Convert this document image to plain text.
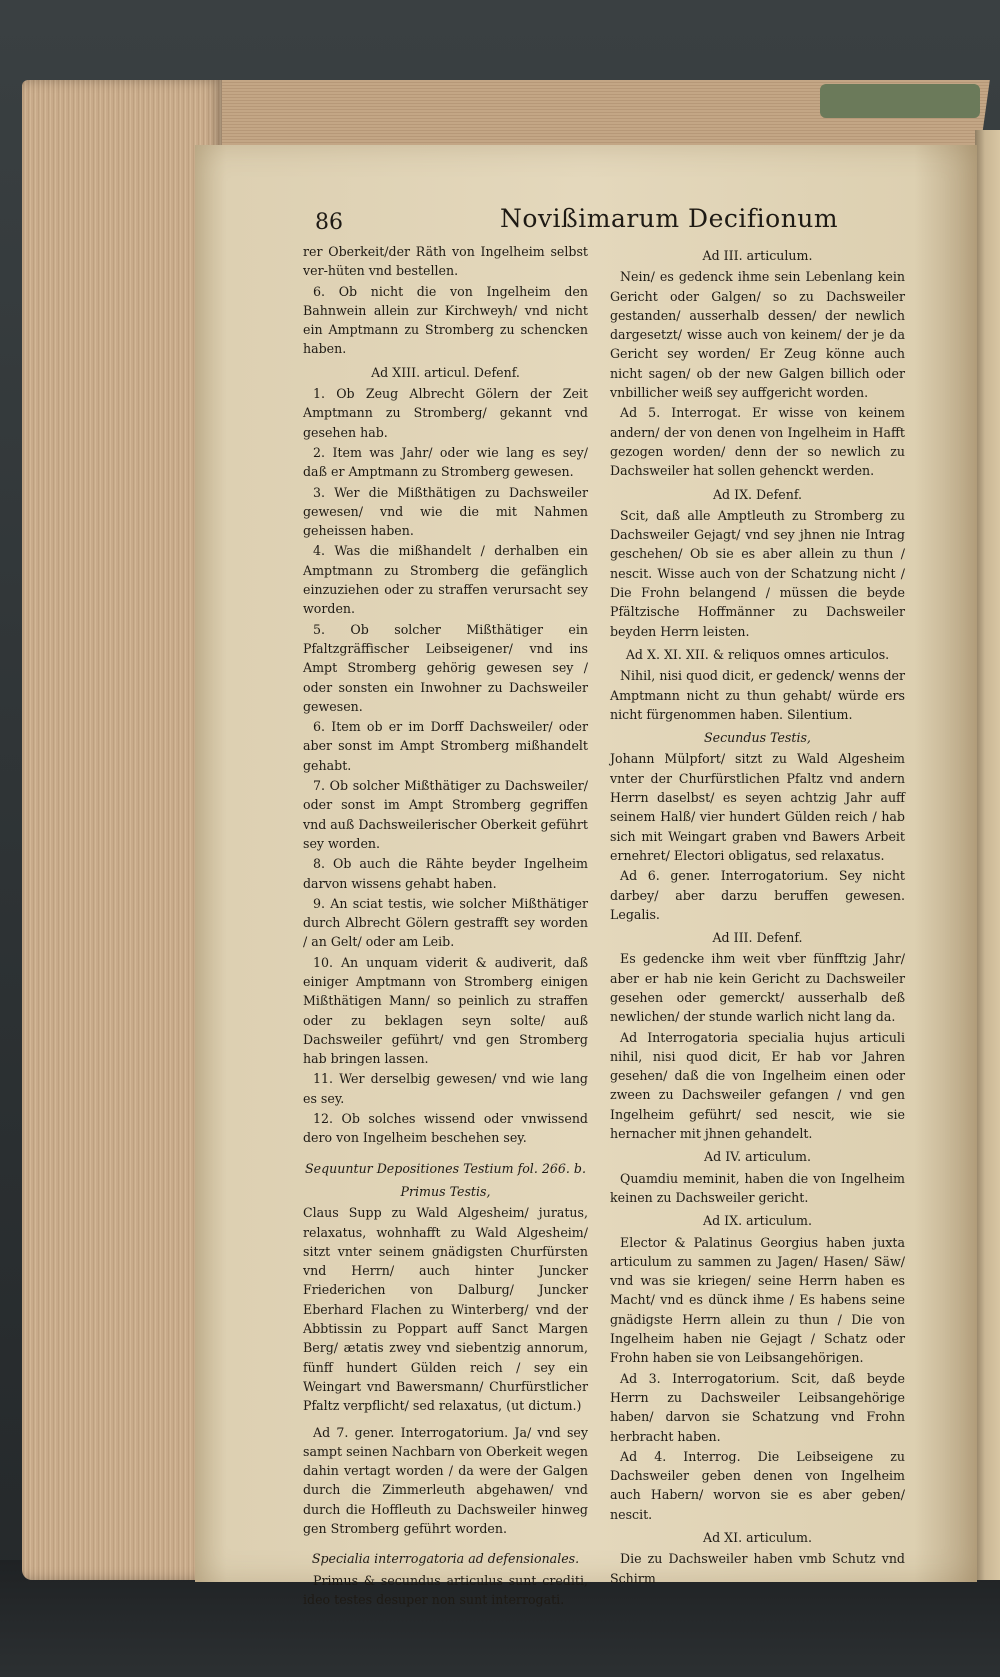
86	Novißimarum Decifionum

rer Oberkeit/der Räth von Ingelheim selbst ver-hüten vnd bestellen.

6. Ob nicht die von Ingelheim den Bahnwein allein zur Kirchweyh/ vnd nicht ein Amptmann zu Stromberg zu schencken haben.

Ad XIII. articul. Defenf.

1. Ob Zeug Albrecht Gölern der Zeit Amptmann zu Stromberg/ gekannt vnd gesehen hab.

2. Item was Jahr/ oder wie lang es sey/ daß er Amptmann zu Stromberg gewesen.

3. Wer die Mißthätigen zu Dachsweiler gewesen/ vnd wie die mit Nahmen geheissen haben.

4. Was die mißhandelt / derhalben ein Amptmann zu Stromberg die gefänglich einzuziehen oder zu straffen verursacht sey worden.

5. Ob solcher Mißthätiger ein Pfaltzgräffischer Leibseigener/ vnd ins Ampt Stromberg gehörig gewesen sey / oder sonsten ein Inwohner zu Dachsweiler gewesen.

6. Item ob er im Dorff Dachsweiler/ oder aber sonst im Ampt Stromberg mißhandelt gehabt.

7. Ob solcher Mißthätiger zu Dachsweiler/ oder sonst im Ampt Stromberg gegriffen vnd auß Dachsweilerischer Oberkeit geführt sey worden.

8. Ob auch die Rähte beyder Ingelheim darvon wissens gehabt haben.

9. An sciat testis, wie solcher Mißthätiger durch Albrecht Gölern gestrafft sey worden / an Gelt/ oder am Leib.

10. An unquam viderit & audiverit, daß einiger Amptmann von Stromberg einigen Mißthätigen Mann/ so peinlich zu straffen oder zu beklagen seyn solte/ auß Dachsweiler geführt/ vnd gen Stromberg hab bringen lassen.

11. Wer derselbig gewesen/ vnd wie lang es sey.

12. Ob solches wissend oder vnwissend dero von Ingelheim beschehen sey.

Sequuntur Depositiones Testium fol. 266. b.

Primus Testis,

Claus Supp zu Wald Algesheim/ juratus, relaxatus, wohnhafft zu Wald Algesheim/ sitzt vnter seinem gnädigsten Churfürsten vnd Herrn/ auch hinter Juncker Friederichen von Dalburg/ Juncker Eberhard Flachen zu Winterberg/ vnd der Abbtissin zu Poppart auff Sanct Margen Berg/ ætatis zwey vnd siebentzig annorum, fünff hundert Gülden reich / sey ein Weingart vnd Bawersmann/ Churfürstlicher Pfaltz verpflicht/ sed relaxatus, (ut dictum.)

Ad 7. gener. Interrogatorium. Ja/ vnd sey sampt seinen Nachbarn von Oberkeit wegen dahin vertagt worden / da were der Galgen durch die Zimmerleuth abgehawen/ vnd durch die Hoffleuth zu Dachsweiler hinweg gen Stromberg geführt worden.

Specialia interrogatoria ad defensionales.

Primus & secundus articulus sunt crediti, ideo testes desuper non sunt interrogati.

Ad III. articulum.

Nein/ es gedenck ihme sein Lebenlang kein Gericht oder Galgen/ so zu Dachsweiler gestanden/ ausserhalb dessen/ der newlich dargesetzt/ wisse auch von keinem/ der je da Gericht sey worden/ Er Zeug könne auch nicht sagen/ ob der new Galgen billich oder vnbillicher weiß sey auffgericht worden.

Ad 5. Interrogat. Er wisse von keinem andern/ der von denen von Ingelheim in Hafft gezogen worden/ denn der so newlich zu Dachsweiler hat sollen gehenckt werden.

Ad IX. Defenf.

Scit, daß alle Amptleuth zu Stromberg zu Dachsweiler Gejagt/ vnd sey jhnen nie Intrag geschehen/ Ob sie es aber allein zu thun / nescit. Wisse auch von der Schatzung nicht / Die Frohn belangend / müssen die beyde Pfältzische Hoffmänner zu Dachsweiler beyden Herrn leisten.

Ad X. XI. XII. & reliquos omnes articulos.

Nihil, nisi quod dicit, er gedenck/ wenns der Amptmann nicht zu thun gehabt/ würde ers nicht fürgenommen haben. Silentium.

Secundus Testis,

Johann Mülpfort/ sitzt zu Wald Algesheim vnter der Churfürstlichen Pfaltz vnd andern Herrn daselbst/ es seyen achtzig Jahr auff seinem Halß/ vier hundert Gülden reich / hab sich mit Weingart graben vnd Bawers Arbeit ernehret/ Electori obligatus, sed relaxatus.

Ad 6. gener. Interrogatorium. Sey nicht darbey/ aber darzu beruffen gewesen. Legalis.

Ad III. Defenf.

Es gedencke ihm weit vber fünfftzig Jahr/ aber er hab nie kein Gericht zu Dachsweiler gesehen oder gemerckt/ ausserhalb deß newlichen/ der stunde warlich nicht lang da.

Ad Interrogatoria specialia hujus articuli nihil, nisi quod dicit, Er hab vor Jahren gesehen/ daß die von Ingelheim einen oder zween zu Dachsweiler gefangen / vnd gen Ingelheim geführt/ sed nescit, wie sie hernacher mit jhnen gehandelt.

Ad IV. articulum.

Quamdiu meminit, haben die von Ingelheim keinen zu Dachsweiler gericht.

Ad IX. articulum.

Elector & Palatinus Georgius haben juxta articulum zu sammen zu Jagen/ Hasen/ Säw/ vnd was sie kriegen/ seine Herrn haben es Macht/ vnd es dünck ihme / Es habens seine gnädigste Herrn allein zu thun / Die von Ingelheim haben nie Gejagt / Schatz oder Frohn haben sie von Leibsangehörigen.

Ad 3. Interrogatorium. Scit, daß beyde Herrn zu Dachsweiler Leibsangehörige haben/ darvon sie Schatzung vnd Frohn herbracht haben.

Ad 4. Interrog. Die Leibseigene zu Dachsweiler geben denen von Ingelheim auch Habern/ worvon sie es aber geben/ nescit.

Ad XI. articulum.

Die zu Dachsweiler haben vmb Schutz vnd Schirm
